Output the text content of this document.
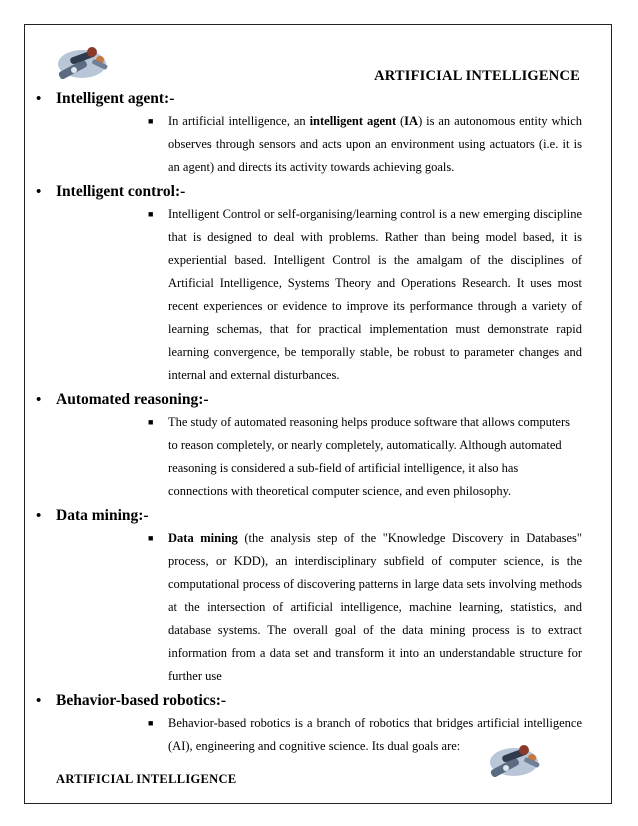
ARTIFICIAL INTELLIGENCE
• Intelligent agent:-
■ In artificial intelligence, an intelligent agent (IA) is an autonomous entity which observes through sensors and acts upon an environment using actuators (i.e. it is an agent) and directs its activity towards achieving goals.
• Intelligent control:-
■ Intelligent Control or self-organising/learning control is a new emerging discipline that is designed to deal with problems. Rather than being model based, it is experiential based. Intelligent Control is the amalgam of the disciplines of Artificial Intelligence, Systems Theory and Operations Research. It uses most recent experiences or evidence to improve its performance through a variety of learning schemas, that for practical implementation must demonstrate rapid learning convergence, be temporally stable, be robust to parameter changes and internal and external disturbances.
• Automated reasoning:-
■ The study of automated reasoning helps produce software that allows computers
to reason completely, or nearly completely, automatically. Although automated
reasoning is considered a sub-field of artificial intelligence, it also has
connections with theoretical computer science, and even philosophy.
• Data mining:-
■ Data mining (the analysis step of the "Knowledge Discovery in Databases" process, or KDD), an interdisciplinary subfield of computer science, is the computational process of discovering patterns in large data sets involving methods at the intersection of artificial intelligence, machine learning, statistics, and database systems. The overall goal of the data mining process is to extract information from a data set and transform it into an understandable structure for further use
• Behavior-based robotics:-
■ Behavior-based robotics is a branch of robotics that bridges artificial intelligence (AI), engineering and cognitive science. Its dual goals are:
ARTIFICIAL INTELLIGENCE
